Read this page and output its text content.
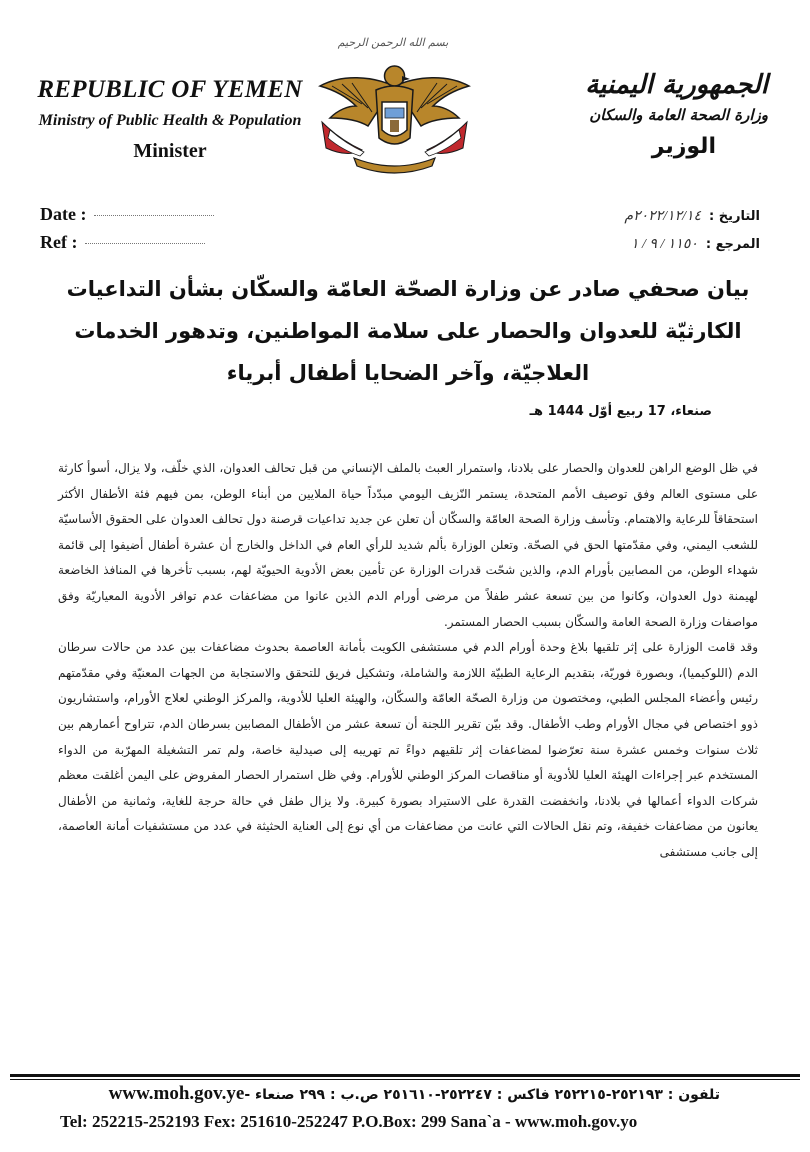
REPUBLIC OF YEMEN
Ministry of Public Health & Population
Minister
بسم الله الرحمن الرحيم
الجمهورية اليمنية
وزارة الصحة العامة والسكان
الوزير
Date :
Ref :
التاريخ :٢٠٢٢/١٢/١٤م
المرجع :١١٥٠ / ٩ / ١
بيان صحفي صادر عن وزارة الصحّة العامّة والسكّان بشأن التداعيات
الكارثيّة للعدوان والحصار على سلامة المواطنين، وتدهور الخدمات
العلاجيّة، وآخر الضحايا أطفال أبرياء
صنعاء، 17 ربيع أوّل 1444 هـ

في ظل الوضع الراهن للعدوان والحصار على بلادنا، واستمرار العبث بالملف الإنساني من قبل تحالف العدوان، الذي خلّف، ولا يزال، أسوأ كارثة على مستوى العالم وفق توصيف الأمم المتحدة، يستمر النّزيف اليومي مبدّداً حياة الملايين من أبناء الوطن، بمن فيهم فئة الأطفال الأكثر استحقاقاً للرعاية والاهتمام. وتأسف وزارة الصحة العامّة والسكّان أن تعلن عن جديد تداعيات قرصنة دول تحالف العدوان على الحقوق الأساسيّة للشعب اليمني، وفي مقدّمتها الحق في الصحّة. وتعلن الوزارة بألم شديد للرأي العام في الداخل والخارج أن عشرة أطفال أضيفوا إلى قائمة شهداء الوطن، من المصابين بأورام الدم، والذين شحّت قدرات الوزارة عن تأمين بعض الأدوية الحيويّة لهم، بسبب تأخرها في المنافذ الخاضعة لهيمنة دول العدوان، وكانوا من بين تسعة عشر طفلاً من مرضى أورام الدم الذين عانوا من مضاعفات عدم توافر الأدوية المعياريّة وفق مواصفات وزارة الصحة العامة والسكّان بسبب الحصار المستمر.

وقد قامت الوزارة على إثر تلقيها بلاغ وحدة أورام الدم في مستشفى الكويت بأمانة العاصمة بحدوث مضاعفات بين عدد من حالات سرطان الدم (اللوكيميا)، وبصورة فوريّة، بتقديم الرعاية الطبيّة اللازمة والشاملة، وتشكيل فريق للتحقق والاستجابة من الجهات المعنيّة وفي مقدّمتهم رئيس وأعضاء المجلس الطبي، ومختصون من وزارة الصحّة العامّة والسكّان، والهيئة العليا للأدوية، والمركز الوطني لعلاج الأورام، واستشاريون ذوو اختصاص في مجال الأورام وطب الأطفال. وقد بيّن تقرير اللجنة أن تسعة عشر من الأطفال المصابين بسرطان الدم، تتراوح أعمارهم بين ثلاث سنوات وخمس عشرة سنة تعرّضوا لمضاعفات إثر تلقيهم دواءً تم تهريبه إلى صيدلية خاصة، ولم تمر التشغيلة المهرّبة من الدواء المستخدم عبر إجراءات الهيئة العليا للأدوية أو مناقصات المركز الوطني للأورام. وفي ظل استمرار الحصار المفروض على اليمن أغلقت معظم شركات الدواء أعمالها في بلادنا، وانخفضت القدرة على الاستيراد بصورة كبيرة. ولا يزال طفل في حالة حرجة للغاية، وثمانية من الأطفال يعانون من مضاعفات خفيفة، وتم نقل الحالات التي عانت من مضاعفات من أي نوع إلى العناية الحثيثة في عدد من مستشفيات أمانة العاصمة، إلى جانب مستشفى

تلفون : ٢٥٢١٩٣-٢٥٢٢١٥ فاكس : ٢٥٢٢٤٧-٢٥١٦١٠ ص.ب : ٢٩٩ صنعاء -www.moh.gov.ye
Tel: 252215-252193 Fex: 251610-252247 P.O.Box: 299 Sana`a - www.moh.gov.yo
